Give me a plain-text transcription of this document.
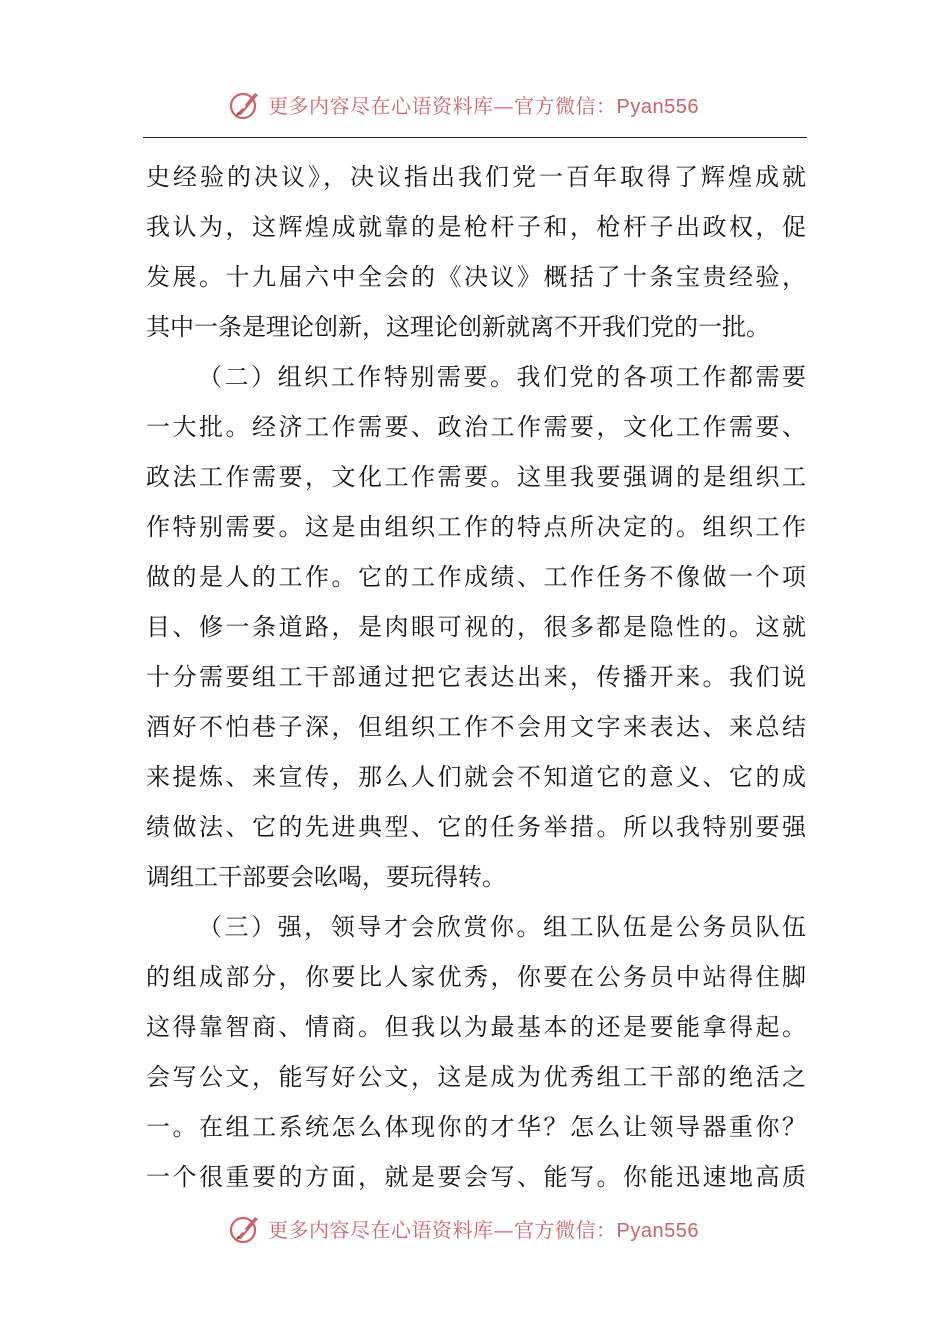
更多内容尽在心语资料库—官方微信：Pyan556
史经验的决议》，决议指出我们党一百年取得了辉煌成就
我认为，这辉煌成就靠的是枪杆子和，枪杆子出政权，促
发展。十九届六中全会的《决议》概括了十条宝贵经验，
其中一条是理论创新，这理论创新就离不开我们党的一批。
（二）组织工作特别需要。我们党的各项工作都需要
一大批。经济工作需要、政治工作需要，文化工作需要、
政法工作需要，文化工作需要。这里我要强调的是组织工
作特别需要。这是由组织工作的特点所决定的。组织工作
做的是人的工作。它的工作成绩、工作任务不像做一个项
目、修一条道路，是肉眼可视的，很多都是隐性的。这就
十分需要组工干部通过把它表达出来，传播开来。我们说
酒好不怕巷子深，但组织工作不会用文字来表达、来总结
来提炼、来宣传，那么人们就会不知道它的意义、它的成
绩做法、它的先进典型、它的任务举措。所以我特别要强
调组工干部要会吆喝，要玩得转。
（三）强，领导才会欣赏你。组工队伍是公务员队伍
的组成部分，你要比人家优秀，你要在公务员中站得住脚
这得靠智商、情商。但我以为最基本的还是要能拿得起。
会写公文，能写好公文，这是成为优秀组工干部的绝活之
一。在组工系统怎么体现你的才华？怎么让领导器重你？
一个很重要的方面，就是要会写、能写。你能迅速地高质
更多内容尽在心语资料库—官方微信：Pyan556
